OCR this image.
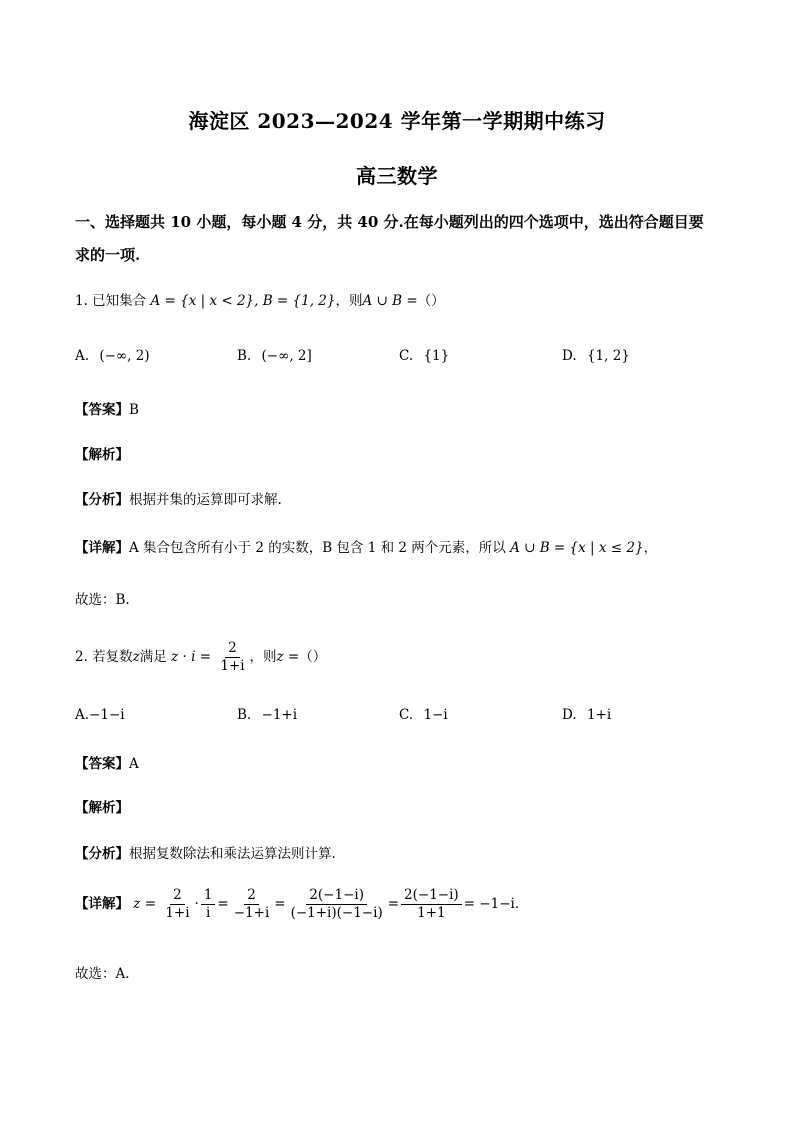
海淀区 2023—2024 学年第一学期期中练习
高三数学
一、选择题共 10 小题，每小题 4 分，共 40 分.在每小题列出的四个选项中，选出符合题目要
求的一项.
1. 已知集合 A = {x | x < 2}, B = {1, 2}，则A ∪ B =（）
A. (−∞, 2)	B. (−∞, 2]	C. {1}	D. {1, 2}
【答案】B
【解析】
【分析】根据并集的运算即可求解.
【详解】A 集合包含所有小于 2 的实数，B 包含 1 和 2 两个元素，所以 A ∪ B = {x | x ≤ 2}，
故选：B.
2. 若复数z满足 $z \cdot i = \frac{2}{1+i}$ ，则z =（）
A.−1−i	B. −1+i	C. 1−i	D. 1+i
【答案】A
【解析】
【分析】根据复数除法和乘法运算法则计算.
【详解】 $z = \frac{2}{1+i} \cdot \frac{1}{i} = \frac{2}{-1+i} = \frac{2(-1-i)}{(-1+i)(-1-i)} = \frac{2(-1-i)}{1+1} = -1-i$.
故选：A.
